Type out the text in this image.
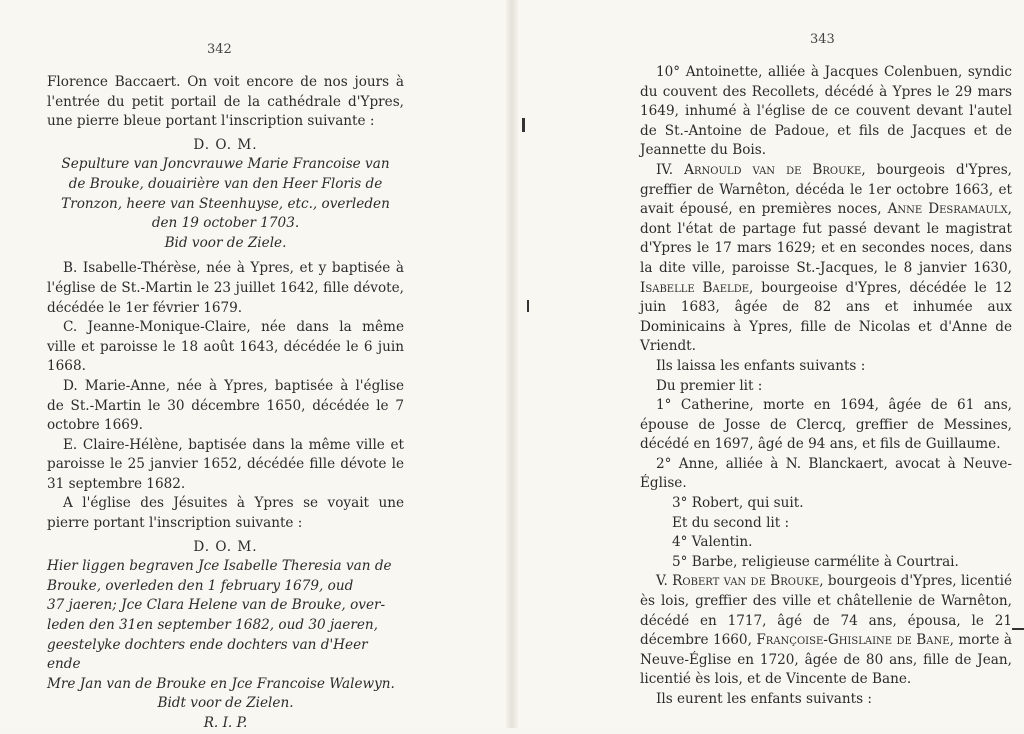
342

Florence Baccaert. On voit encore de nos jours à l'entrée du petit portail de la cathédrale d'Ypres, une pierre bleue portant l'inscription suivante :

D. O. M.

Sepulture van Joncvrauwe Marie Francoise van

de Brouke, douairière van den Heer Floris de

Tronzon, heere van Steenhuyse, etc., overleden

den 19 october 1703.

Bid voor de Ziele.

B. Isabelle-Thérèse, née à Ypres, et y baptisée à l'église de St.-Martin le 23 juillet 1642, fille dévote, décédée le 1er février 1679.

C. Jeanne-Monique-Claire, née dans la même ville et paroisse le 18 août 1643, décédée le 6 juin 1668.

D. Marie-Anne, née à Ypres, baptisée à l'église de St.-Martin le 30 décembre 1650, décédée le 7 octobre 1669.

E. Claire-Hélène, baptisée dans la même ville et paroisse le 25 janvier 1652, décédée fille dévote le 31 septembre 1682.

A l'église des Jésuites à Ypres se voyait une pierre portant l'inscription suivante :

D. O. M.

Hier liggen begraven Jce Isabelle Theresia van de

Brouke, overleden den 1 february 1679, oud

37 jaeren; Jce Clara Helene van de Brouke, over-

leden den 31en september 1682, oud 30 jaeren,

geestelyke dochters ende dochters van d'Heer ende

Mre Jan van de Brouke en Jce Francoise Walewyn.

Bidt voor de Zielen.

R. I. P.

343

10° Antoinette, alliée à Jacques Colenbuen, syndic du couvent des Recollets, décédé à Ypres le 29 mars 1649, inhumé à l'église de ce couvent devant l'autel de St.-Antoine de Padoue, et fils de Jacques et de Jeannette du Bois.

IV. Arnould van de Brouke, bourgeois d'Ypres, greffier de Warnêton, décéda le 1er octobre 1663, et avait épousé, en premières noces, Anne Desramaulx, dont l'état de partage fut passé devant le magistrat d'Ypres le 17 mars 1629; et en secondes noces, dans la dite ville, paroisse St.-Jacques, le 8 janvier 1630, Isabelle Baelde, bourgeoise d'Ypres, décédée le 12 juin 1683, âgée de 82 ans et inhumée aux Dominicains à Ypres, fille de Nicolas et d'Anne de Vriendt.

Ils laissa les enfants suivants :

Du premier lit :

1° Catherine, morte en 1694, âgée de 61 ans, épouse de Josse de Clercq, greffier de Messines, décédé en 1697, âgé de 94 ans, et fils de Guillaume.

2° Anne, alliée à N. Blanckaert, avocat à Neuve-Église.

3° Robert, qui suit.

Et du second lit :

4° Valentin.

5° Barbe, religieuse carmélite à Courtrai.

V. Robert van de Brouke, bourgeois d'Ypres, licentié ès lois, greffier des ville et châtellenie de Warnêton, décédé en 1717, âgé de 74 ans, épousa, le 21 décembre 1660, Françoise-Ghislaine de Bane, morte à Neuve-Église en 1720, âgée de 80 ans, fille de Jean, licentié ès lois, et de Vincente de Bane.

Ils eurent les enfants suivants :
